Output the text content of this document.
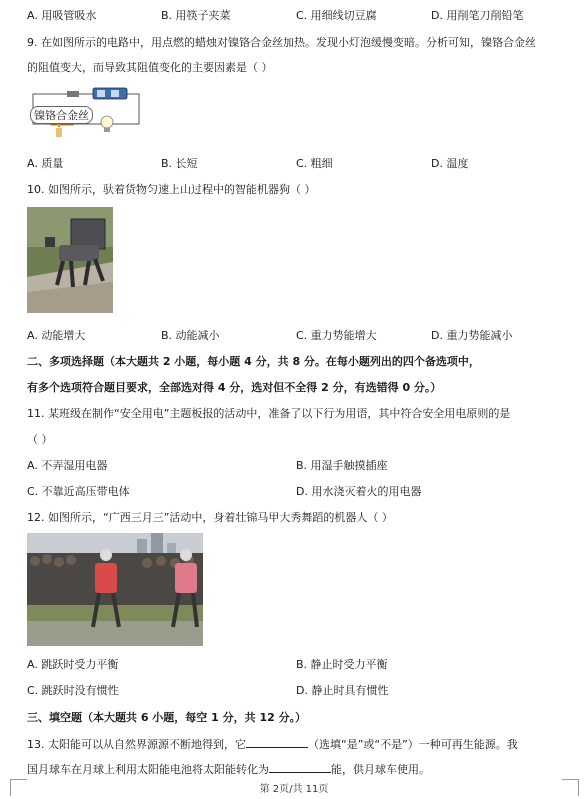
A. 用吸管吸水	B. 用筷子夹菜	C. 用细线切豆腐	D. 用削笔刀削铅笔
9. 在如图所示的电路中，用点燃的蜡烛对镍铬合金丝加热。发现小灯泡缓慢变暗。分析可知，镍铬合金丝
的阻值变大，而导致其阻值变化的主要因素是（ ）
镍铬合金丝
A. 质量	B. 长短	C. 粗细	D. 温度
10. 如图所示，驮着货物匀速上山过程中的智能机器狗（ ）
A. 动能增大	B. 动能减小	C. 重力势能增大	D. 重力势能减小
二、多项选择题（本大题共 2 小题，每小题 4 分，共 8 分。在每小题列出的四个备选项中，
有多个选项符合题目要求，全部选对得 4 分，选对但不全得 2 分，有选错得 0 分。）
11. 某班级在制作“安全用电”主题板报的活动中，准备了以下行为用语，其中符合安全用电原则的是
（ ）
A. 不弄湿用电器	B. 用湿手触摸插座
C. 不靠近高压带电体	D. 用水浇灭着火的用电器
12. 如图所示，“广西三月三”活动中，身着壮锦马甲大秀舞蹈的机器人（ ）
A. 跳跃时受力平衡	B. 静止时受力平衡
C. 跳跃时没有惯性	D. 静止时具有惯性
三、填空题（本大题共 6 小题，每空 1 分，共 12 分。）
13. 太阳能可以从自然界源源不断地得到，它	（选填“是”或“不是”）一种可再生能源。我
国月球车在月球上利用太阳能电池将太阳能转化为	能，供月球车使用。
第 2页/共 11页
